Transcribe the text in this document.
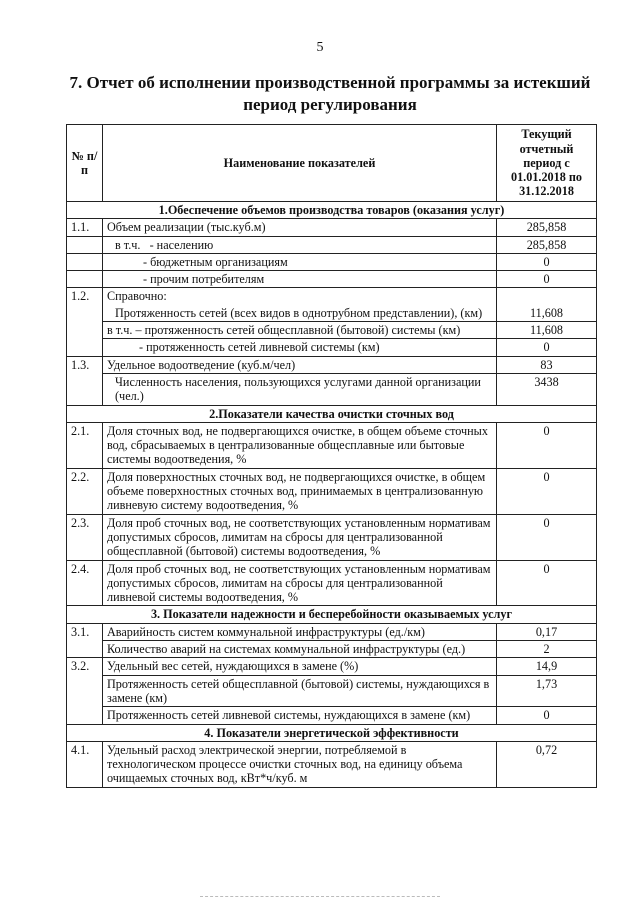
5
7. Отчет об исполнении производственной программы за истекший период регулирования
№ п/п	Наименование показателей	Текущий отчетный период с 01.01.2018 по 31.12.2018
1.Обеспечение объемов производства товаров (оказания услуг)		
1.1.	Объем реализации (тыс.куб.м)	285,858
	в т.ч.   - населению	285,858
	- бюджетным организациям	0
	- прочим потребителям	0
1.2.	Справочно:	
	Протяженность сетей (всех видов в однотрубном представлении), (км)	11,608
	в т.ч. – протяженность сетей общесплавной (бытовой) системы (км)	11,608
	- протяженность сетей ливневой системы (км)	0
1.3.	Удельное водоотведение (куб.м/чел)	83
	Численность населения, пользующихся услугами данной организации (чел.)	3438
2.Показатели качества очистки сточных вод		
2.1.	Доля сточных вод, не подвергающихся очистке, в общем объеме сточных вод, сбрасываемых в централизованные общесплавные или бытовые системы водоотведения, %	0
2.2.	Доля поверхностных сточных вод, не подвергающихся очистке, в общем объеме поверхностных сточных вод, принимаемых в централизованную ливневую систему водоотведения, %	0
2.3.	Доля проб сточных вод, не соответствующих установленным нормативам допустимых сбросов, лимитам на сбросы для централизованной общесплавной (бытовой) системы водоотведения, %	0
2.4.	Доля проб сточных вод, не соответствующих установленным нормативам допустимых сбросов, лимитам на сбросы для централизованной ливневой системы водоотведения, %	0
3. Показатели надежности и бесперебойности оказываемых услуг		
3.1.	Аварийность систем коммунальной инфраструктуры (ед./км)	0,17
	Количество аварий на системах коммунальной инфраструктуры (ед.)	2
3.2.	Удельный вес сетей, нуждающихся в замене (%)	14,9
	Протяженность сетей общесплавной (бытовой) системы, нуждающихся в замене (км)	1,73
	Протяженность сетей ливневой системы, нуждающихся в замене (км)	0
4. Показатели энергетической эффективности		
4.1.	Удельный расход электрической энергии, потребляемой в технологическом процессе очистки сточных вод, на единицу объема очищаемых сточных вод, кВт*ч/куб. м	0,72
